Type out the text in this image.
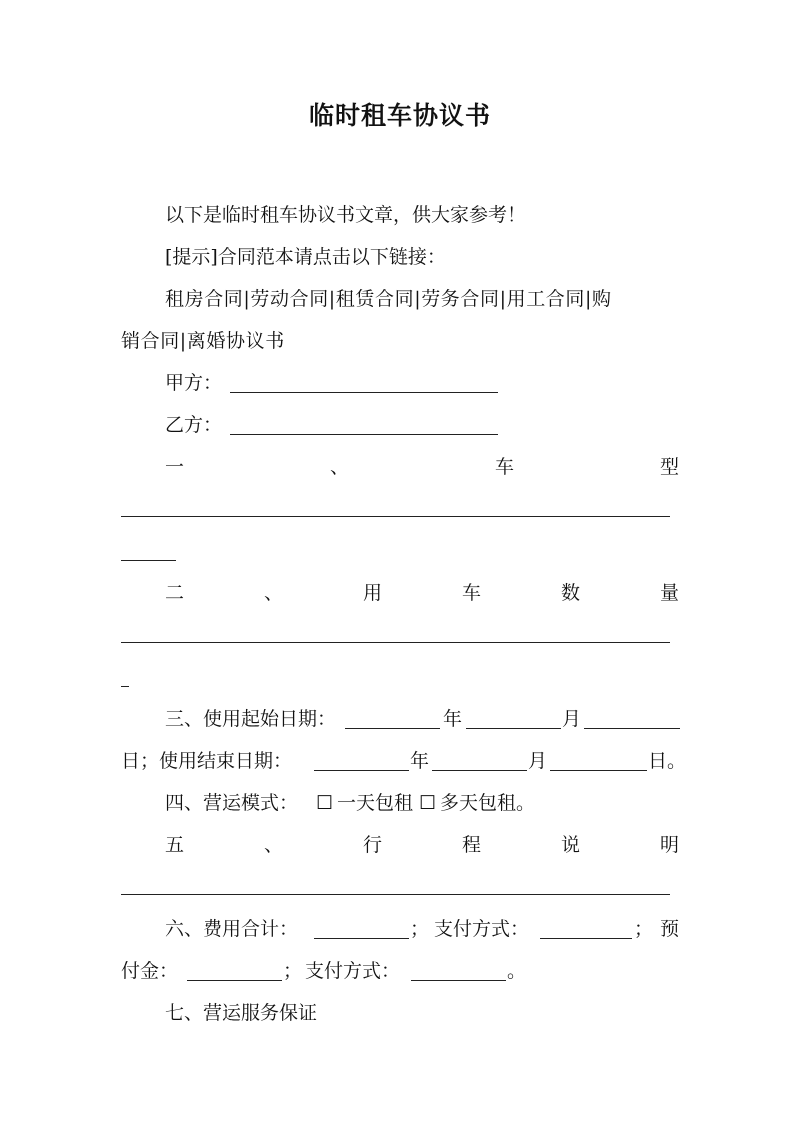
临时租车协议书
以下是临时租车协议书文章，供大家参考！
[提示]合同范本请点击以下链接：
租房合同|劳动合同|租赁合同|劳务合同|用工合同|购
销合同|离婚协议书
甲方：
乙方：
一	、	车	型
二	、	用	车	数	量
三、使用起始日期：	年	月
日；使用结束日期：	年	月	日。
四、营运模式： ☐ 一天包租 ☐ 多天包租。
五	、	行	程	说	明
六、费用合计：	； 支付方式：	； 预
付金：	； 支付方式：	。
七、营运服务保证
